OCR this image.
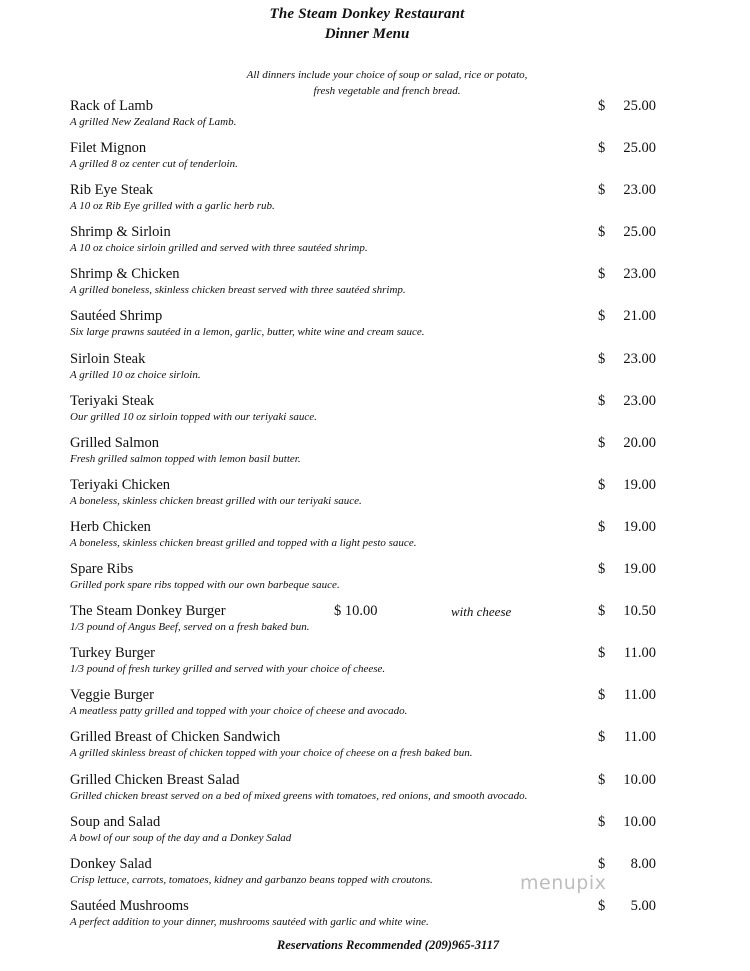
The Steam Donkey Restaurant
Dinner Menu
All dinners include your choice of soup or salad, rice or potato,
fresh vegetable and french bread.
Rack of Lamb
A grilled New Zealand Rack of Lamb.
$ 25.00
Filet Mignon
A grilled 8 oz center cut of tenderloin.
$ 25.00
Rib Eye Steak
A 10 oz Rib Eye grilled with a garlic herb rub.
$ 23.00
Shrimp & Sirloin
A 10 oz choice sirloin grilled and served with three sautéed shrimp.
$ 25.00
Shrimp & Chicken
A grilled boneless, skinless chicken breast served with three sautéed shrimp.
$ 23.00
Sautéed Shrimp
Six large prawns sautéed in a lemon, garlic, butter, white wine and cream sauce.
$ 21.00
Sirloin Steak
A grilled 10 oz choice sirloin.
$ 23.00
Teriyaki Steak
Our grilled 10 oz sirloin topped with our teriyaki sauce.
$ 23.00
Grilled Salmon
Fresh grilled salmon topped with lemon basil butter.
$ 20.00
Teriyaki Chicken
A boneless, skinless chicken breast grilled with our teriyaki sauce.
$ 19.00
Herb Chicken
A boneless, skinless chicken breast grilled and topped with a light pesto sauce.
$ 19.00
Spare Ribs
Grilled pork spare ribs topped with our own barbeque sauce.
$ 19.00
The Steam Donkey Burger
1/3 pound of Angus Beef, served on a fresh baked bun.
$ 10.00	with cheese	$ 10.50
Turkey Burger
1/3 pound of fresh turkey grilled and served with your choice of cheese.
$ 11.00
Veggie Burger
A meatless patty grilled and topped with your choice of cheese and avocado.
$ 11.00
Grilled Breast of Chicken Sandwich
A grilled skinless breast of chicken topped with your choice of cheese on a fresh baked bun.
$ 11.00
Grilled Chicken Breast Salad
Grilled chicken breast served on a bed of mixed greens with tomatoes, red onions, and smooth avocado.
$ 10.00
Soup and Salad
A bowl of our soup of the day and a Donkey Salad
$ 10.00
Donkey Salad
Crisp lettuce, carrots, tomatoes, kidney and garbanzo beans topped with croutons.
$ 8.00
Sautéed Mushrooms
A perfect addition to your dinner, mushrooms sautéed with garlic and white wine.
$ 5.00
menupix
Reservations Recommended (209)965-3117
